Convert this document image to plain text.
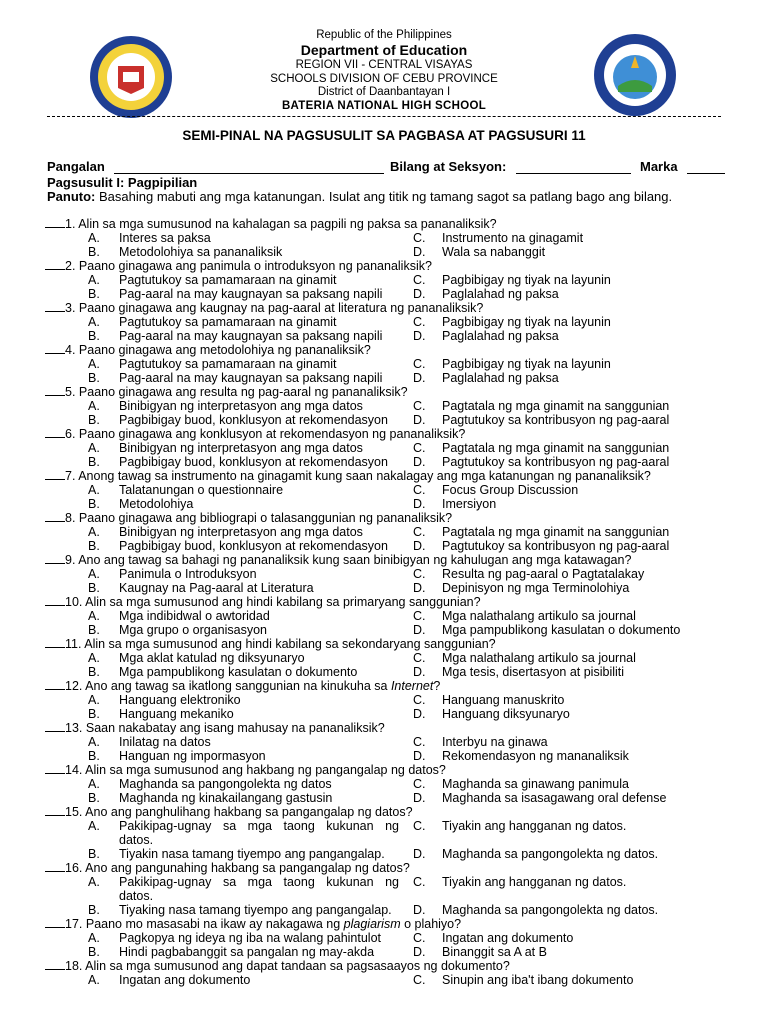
Republic of the Philippines
Department of Education
REGION VII - CENTRAL VISAYAS
SCHOOLS DIVISION OF CEBU PROVINCE
District of Daanbantayan I
BATERIA NATIONAL HIGH SCHOOL
SEMI-PINAL NA PAGSUSULIT SA PAGBASA AT PAGSUSURI 11
Pangalan	Bilang at Seksyon:	Marka
Pagsusulit I: Pagpipilian
Panuto: Basahing mabuti ang mga katanungan. Isulat ang titik ng tamang sagot sa patlang bago ang bilang.
1. Alin sa mga sumusunod na kahalagan sa pagpili ng paksa sa pananaliksik?
A. Interes sa paksa	C. Instrumento na ginagamit
B. Metodolohiya sa pananaliksik	D. Wala sa nabanggit
2. Paano ginagawa ang panimula o introduksyon ng pananaliksik?
A. Pagtutukoy sa pamamaraan na ginamit	C. Pagbibigay ng tiyak na layunin
B. Pag-aaral na may kaugnayan sa paksang napili D. Paglalahad ng paksa
3. Paano ginagawa ang kaugnay na pag-aaral at literatura ng pananaliksik?
A. Pagtutukoy sa pamamaraan na ginamit	C. Pagbibigay ng tiyak na layunin
B. Pag-aaral na may kaugnayan sa paksang napili D. Paglalahad ng paksa
4. Paano ginagawa ang metodolohiya ng pananaliksik?
A. Pagtutukoy sa pamamaraan na ginamit	C. Pagbibigay ng tiyak na layunin
B. Pag-aaral na may kaugnayan sa paksang napili D. Paglalahad ng paksa
5. Paano ginagawa ang resulta ng pag-aaral ng pananaliksik?
A. Binibigyan ng interpretasyon ang mga datos	C. Pagtatala ng mga ginamit na sanggunian
B. Pagbibigay buod, konklusyon at rekomendasyon D. Pagtutukoy sa kontribusyon ng pag-aaral
6. Paano ginagawa ang konklusyon at rekomendasyon ng pananaliksik?
A. Binibigyan ng interpretasyon ang mga datos	C. Pagtatala ng mga ginamit na sanggunian
B. Pagbibigay buod, konklusyon at rekomendasyon D. Pagtutukoy sa kontribusyon ng pag-aaral
7. Anong tawag sa instrumento na ginagamit kung saan nakalagay ang mga katanungan ng pananaliksik?
A. Talatanungan o questionnaire	C. Focus Group Discussion
B. Metodolohiya	D. Imersiyon
8. Paano ginagawa ang bibliograpi o talasanggunian ng pananaliksik?
A. Binibigyan ng interpretasyon ang mga datos	C. Pagtatala ng mga ginamit na sanggunian
B. Pagbibigay buod, konklusyon at rekomendasyon D. Pagtutukoy sa kontribusyon ng pag-aaral
9. Ano ang tawag sa bahagi ng pananaliksik kung saan binibigyan ng kahulugan ang mga katawagan?
A. Panimula o Introduksyon	C. Resulta ng pag-aaral o Pagtatalakay
B. Kaugnay na Pag-aaral at Literatura	D. Depinisyon ng mga Terminolohiya
10. Alin sa mga sumusunod ang hindi kabilang sa primaryang sanggunian?
A. Mga indibidwal o awtoridad	C. Mga nalathalang artikulo sa journal
B. Mga grupo o organisasyon	D. Mga pampublikong kasulatan o dokumento
11. Alin sa mga sumusunod ang hindi kabilang sa sekondaryang sanggunian?
A. Mga aklat katulad ng diksyunaryo	C. Mga nalathalang artikulo sa journal
B. Mga pampublikong kasulatan o dokumento	D. Mga tesis, disertasyon at pisibiliti
12. Ano ang tawag sa ikatlong sanggunian na kinukuha sa Internet?
A. Hanguang elektroniko	C. Hanguang manuskrito
B. Hanguang mekaniko	D. Hanguang diksyunaryo
13. Saan nakabatay ang isang mahusay na pananaliksik?
A. Inilatag na datos	C. Interbyu na ginawa
B. Hanguan ng impormasyon	D. Rekomendasyon ng mananaliksik
14. Alin sa mga sumusunod ang hakbang ng pangangalap ng datos?
A. Maghanda sa pangongolekta ng datos	C. Maghanda sa ginawang panimula
B. Maghanda ng kinakailangang gastusin	D. Maghanda sa isasagawang oral defense
15. Ano ang panghulihang hakbang sa pangangalap ng datos?
A. Pakikipag-ugnay sa mga taong kukunan ng C. Tiyakin ang hangganan ng datos.
datos.
B. Tiyakin nasa tamang tiyempo ang pangangalap. D. Maghanda sa pangongolekta ng datos.
16. Ano ang pangunahing hakbang sa pangangalap ng datos?
A. Pakikipag-ugnay sa mga taong kukunan ng C. Tiyakin ang hangganan ng datos.
datos.
B. Tiyaking nasa tamang tiyempo ang pangangalap. D. Maghanda sa pangongolekta ng datos.
17. Paano mo masasabi na ikaw ay nakagawa ng plagiarism o plahiyo?
A. Pagkopya ng ideya ng iba na walang pahintulot	C. Ingatan ang dokumento
B. Hindi pagbabanggit sa pangalan ng may-akda	D. Binanggit sa A at B
18. Alin sa mga sumusunod ang dapat tandaan sa pagsasaayos ng dokumento?
A. Ingatan ang dokumento	C. Sinupin ang iba't ibang dokumento
